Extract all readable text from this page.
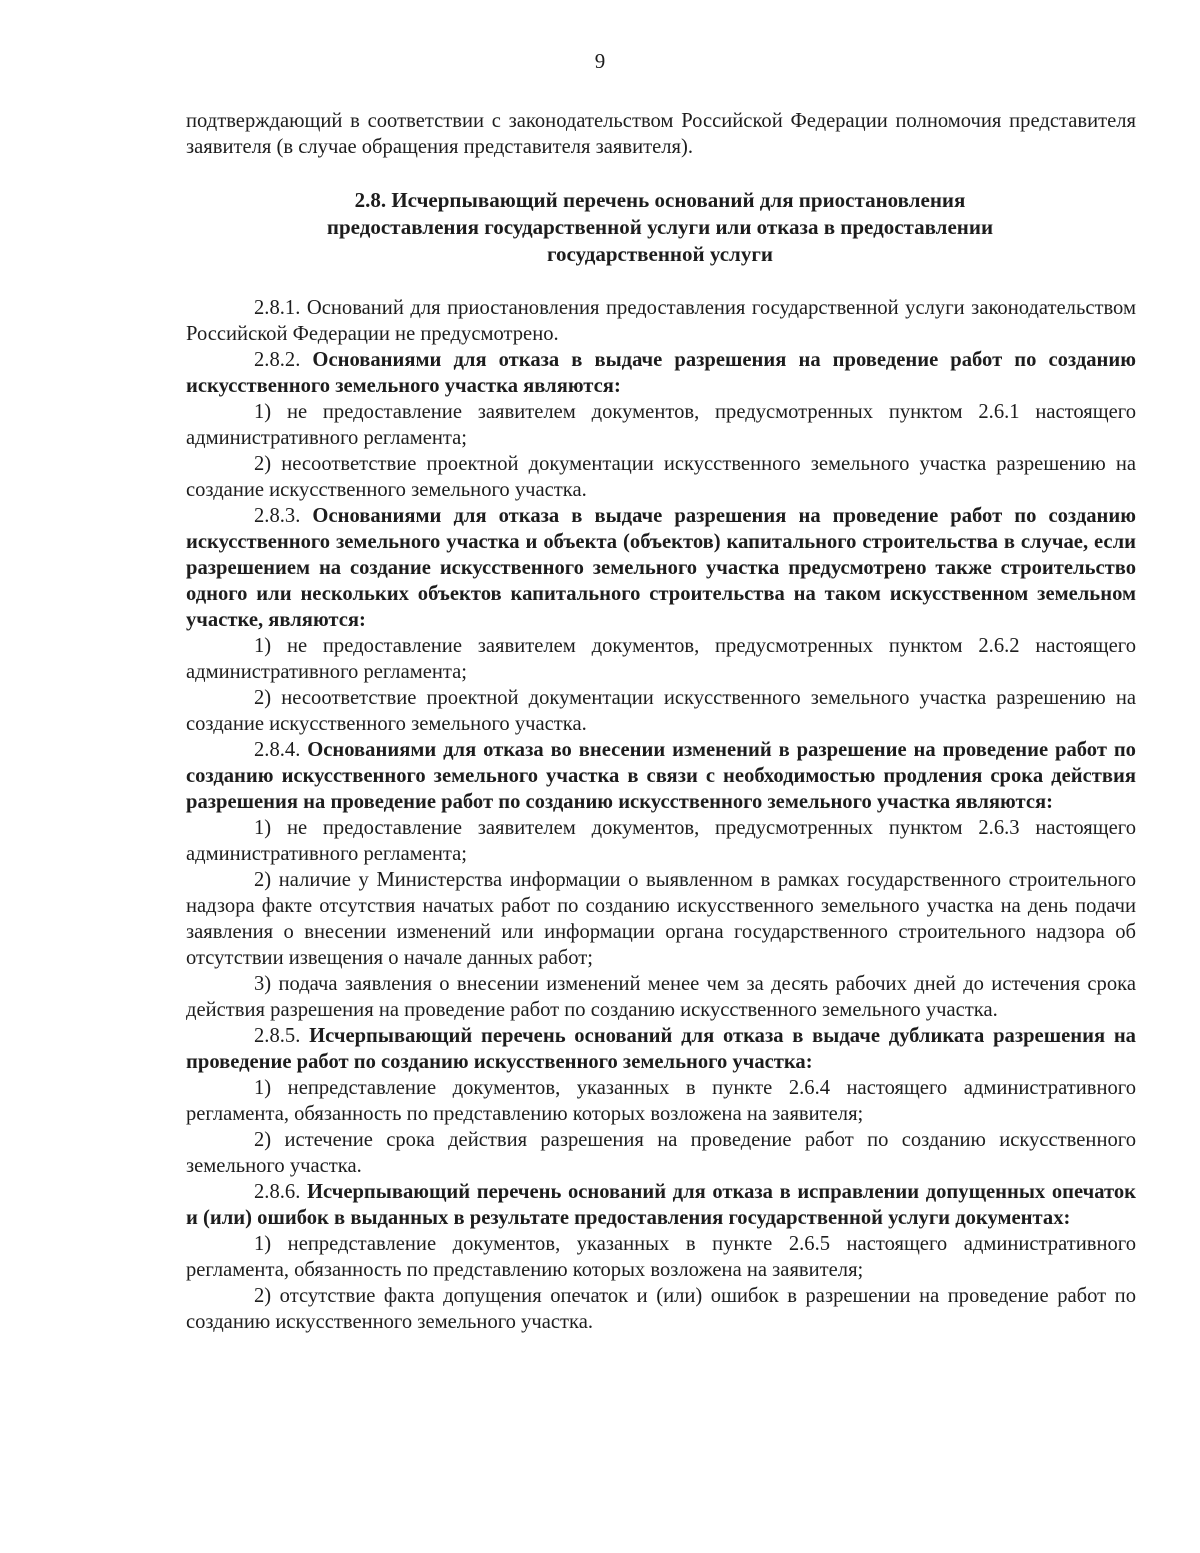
9

подтверждающий в соответствии с законодательством Российской Федерации полномочия представителя заявителя (в случае обращения представителя заявителя).

2.8. Исчерпывающий перечень оснований для приостановления
предоставления государственной услуги или отказа в предоставлении
государственной услуги

2.8.1. Оснований для приостановления предоставления государственной услуги законодательством Российской Федерации не предусмотрено.

2.8.2. Основаниями для отказа в выдаче разрешения на проведение работ по созданию искусственного земельного участка являются:

1) не предоставление заявителем документов, предусмотренных пунктом 2.6.1 настоящего административного регламента;

2) несоответствие проектной документации искусственного земельного участка разрешению на создание искусственного земельного участка.

2.8.3. Основаниями для отказа в выдаче разрешения на проведение работ по созданию искусственного земельного участка и объекта (объектов) капитального строительства в случае, если разрешением на создание искусственного земельного участка предусмотрено также строительство одного или нескольких объектов капитального строительства на таком искусственном земельном участке, являются:

1) не предоставление заявителем документов, предусмотренных пунктом 2.6.2 настоящего административного регламента;

2) несоответствие проектной документации искусственного земельного участка разрешению на создание искусственного земельного участка.

2.8.4. Основаниями для отказа во внесении изменений в разрешение на проведение работ по созданию искусственного земельного участка в связи с необходимостью продления срока действия разрешения на проведение работ по созданию искусственного земельного участка являются:

1) не предоставление заявителем документов, предусмотренных пунктом 2.6.3 настоящего административного регламента;

2) наличие у Министерства информации о выявленном в рамках государственного строительного надзора факте отсутствия начатых работ по созданию искусственного земельного участка на день подачи заявления о внесении изменений или информации органа государственного строительного надзора об отсутствии извещения о начале данных работ;

3) подача заявления о внесении изменений менее чем за десять рабочих дней до истечения срока действия разрешения на проведение работ по созданию искусственного земельного участка.

2.8.5. Исчерпывающий перечень оснований для отказа в выдаче дубликата разрешения на проведение работ по созданию искусственного земельного участка:

1) непредставление документов, указанных в пункте 2.6.4 настоящего административного регламента, обязанность по представлению которых возложена на заявителя;

2) истечение срока действия разрешения на проведение работ по созданию искусственного земельного участка.

2.8.6. Исчерпывающий перечень оснований для отказа в исправлении допущенных опечаток и (или) ошибок в выданных в результате предоставления государственной услуги документах:

1) непредставление документов, указанных в пункте 2.6.5 настоящего административного регламента, обязанность по представлению которых возложена на заявителя;

2) отсутствие факта допущения опечаток и (или) ошибок в разрешении на проведение работ по созданию искусственного земельного участка.
